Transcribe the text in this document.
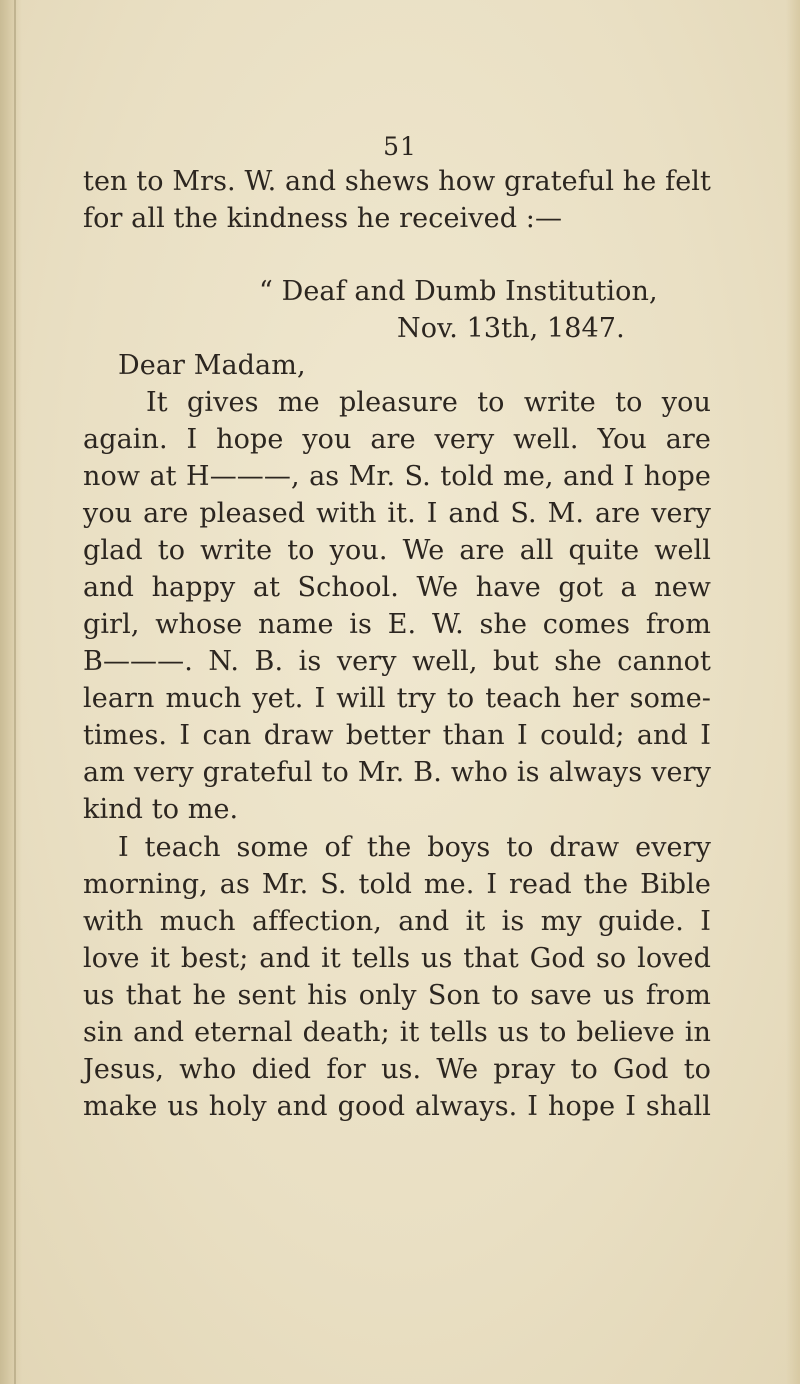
51
ten to Mrs. W. and shews how grateful he felt
for all the kindness he received :—
“ Deaf and Dumb Institution,
Nov. 13th, 1847.
Dear Madam,
It gives me pleasure to write to you
again. I hope you are very well. You are
now at H———, as Mr. S. told me, and I hope
you are pleased with it. I and S. M. are very
glad to write to you. We are all quite well
and happy at School. We have got a new
girl, whose name is E. W. she comes from
B———. N. B. is very well, but she cannot
learn much yet. I will try to teach her some-
times. I can draw better than I could; and I
am very grateful to Mr. B. who is always very
kind to me.
I teach some of the boys to draw every
morning, as Mr. S. told me. I read the Bible
with much affection, and it is my guide. I
love it best; and it tells us that God so loved
us that he sent his only Son to save us from
sin and eternal death; it tells us to believe in
Jesus, who died for us. We pray to God to
make us holy and good always. I hope I shall
